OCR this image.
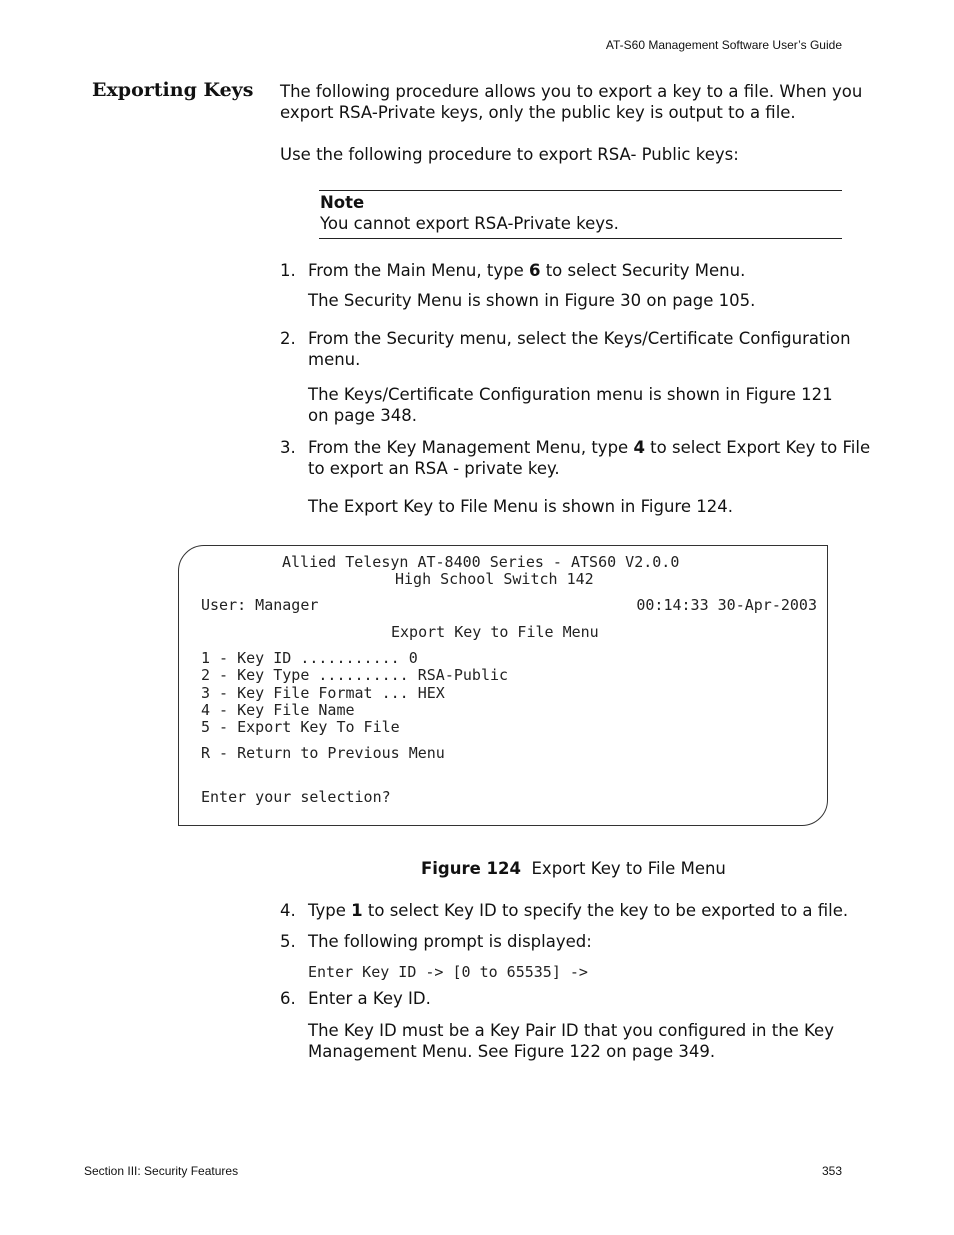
AT-S60 Management Software User’s Guide
Exporting Keys The following procedure allows you to export a key to a file. When you
export RSA-Private keys, only the public key is output to a file.
Use the following procedure to export RSA- Public keys:
Note
You cannot export RSA-Private keys.
1. From the Main Menu, type 6 to select Security Menu.
The Security Menu is shown in Figure 30 on page 105.
2. From the Security menu, select the Keys/Certificate Configuration
menu.
The Keys/Certificate Configuration menu is shown in Figure 121
on page 348.
3. From the Key Management Menu, type 4 to select Export Key to File
to export an RSA - private key.
The Export Key to File Menu is shown in Figure 124.
Allied Telesyn AT-8400 Series - ATS60 V2.0.0
High School Switch 142
User: Manager	00:14:33 30-Apr-2003
Export Key to File Menu
1 - Key ID ........... 0
2 - Key Type .......... RSA-Public
3 - Key File Format ... HEX
4 - Key File Name
5 - Export Key To File
R - Return to Previous Menu
Enter your selection?
Figure 124 Export Key to File Menu
4. Type 1 to select Key ID to specify the key to be exported to a file.
5. The following prompt is displayed:
Enter Key ID -> [0 to 65535] ->
6. Enter a Key ID.
The Key ID must be a Key Pair ID that you configured in the Key
Management Menu. See Figure 122 on page 349.
Section III: Security Features	353
